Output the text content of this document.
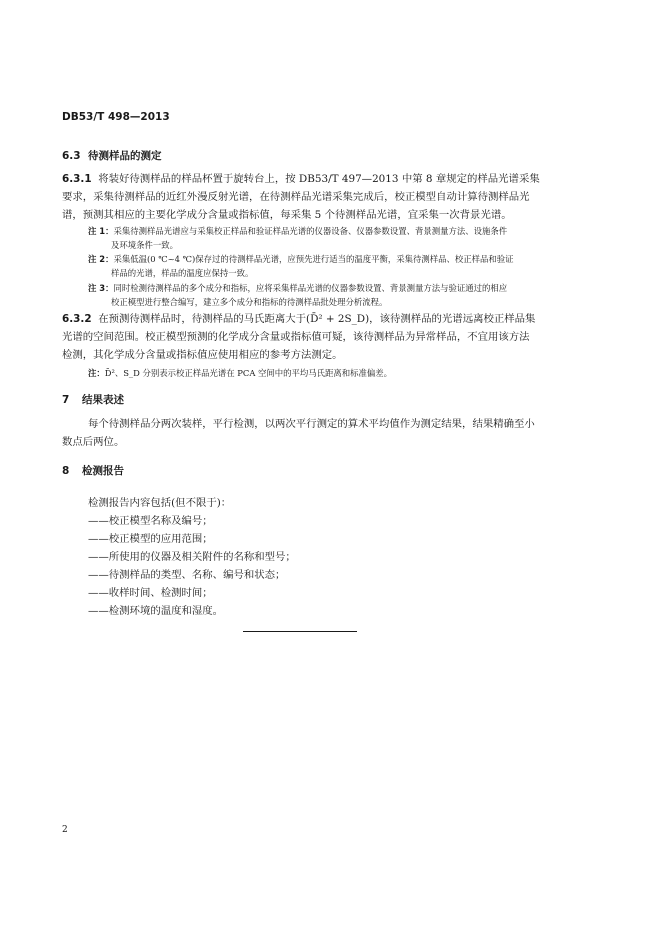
DB53/T 498—2013
6.3 待测样品的测定
6.3.1 将装好待测样品的样品杯置于旋转台上，按 DB53/T 497—2013 中第 8 章规定的样品光谱采集
要求，采集待测样品的近红外漫反射光谱，在待测样品光谱采集完成后，校正模型自动计算待测样品光
谱，预测其相应的主要化学成分含量或指标值，每采集 5 个待测样品光谱，宜采集一次背景光谱。
注 1：采集待测样品光谱应与采集校正样品和验证样品光谱的仪器设备、仪器参数设置、背景测量方法、设施条件
及环境条件一致。
注 2：采集低温(0 ℃~4 ℃)保存过的待测样品光谱，应预先进行适当的温度平衡，采集待测样品、校正样品和验证
样品的光谱，样品的温度应保持一致。
注 3：同时检测待测样品的多个成分和指标，应将采集样品光谱的仪器参数设置、背景测量方法与验证通过的相应
校正模型进行整合编写，建立多个成分和指标的待测样品批处理分析流程。
6.3.2 在预测待测样品时，待测样品的马氏距离大于(D̄² + 2S_D)，该待测样品的光谱远离校正样品集
光谱的空间范围。校正模型预测的化学成分含量或指标值可疑，该待测样品为异常样品，不宜用该方法
检测，其化学成分含量或指标值应使用相应的参考方法测定。
注：D̄²、S_D 分别表示校正样品光谱在 PCA 空间中的平均马氏距离和标准偏差。
7 结果表述
每个待测样品分两次装样，平行检测，以两次平行测定的算术平均值作为测定结果，结果精确至小
数点后两位。
8 检测报告
检测报告内容包括(但不限于)：
——校正模型名称及编号；
——校正模型的应用范围；
——所使用的仪器及相关附件的名称和型号；
——待测样品的类型、名称、编号和状态；
——收样时间、检测时间；
——检测环境的温度和湿度。
2
